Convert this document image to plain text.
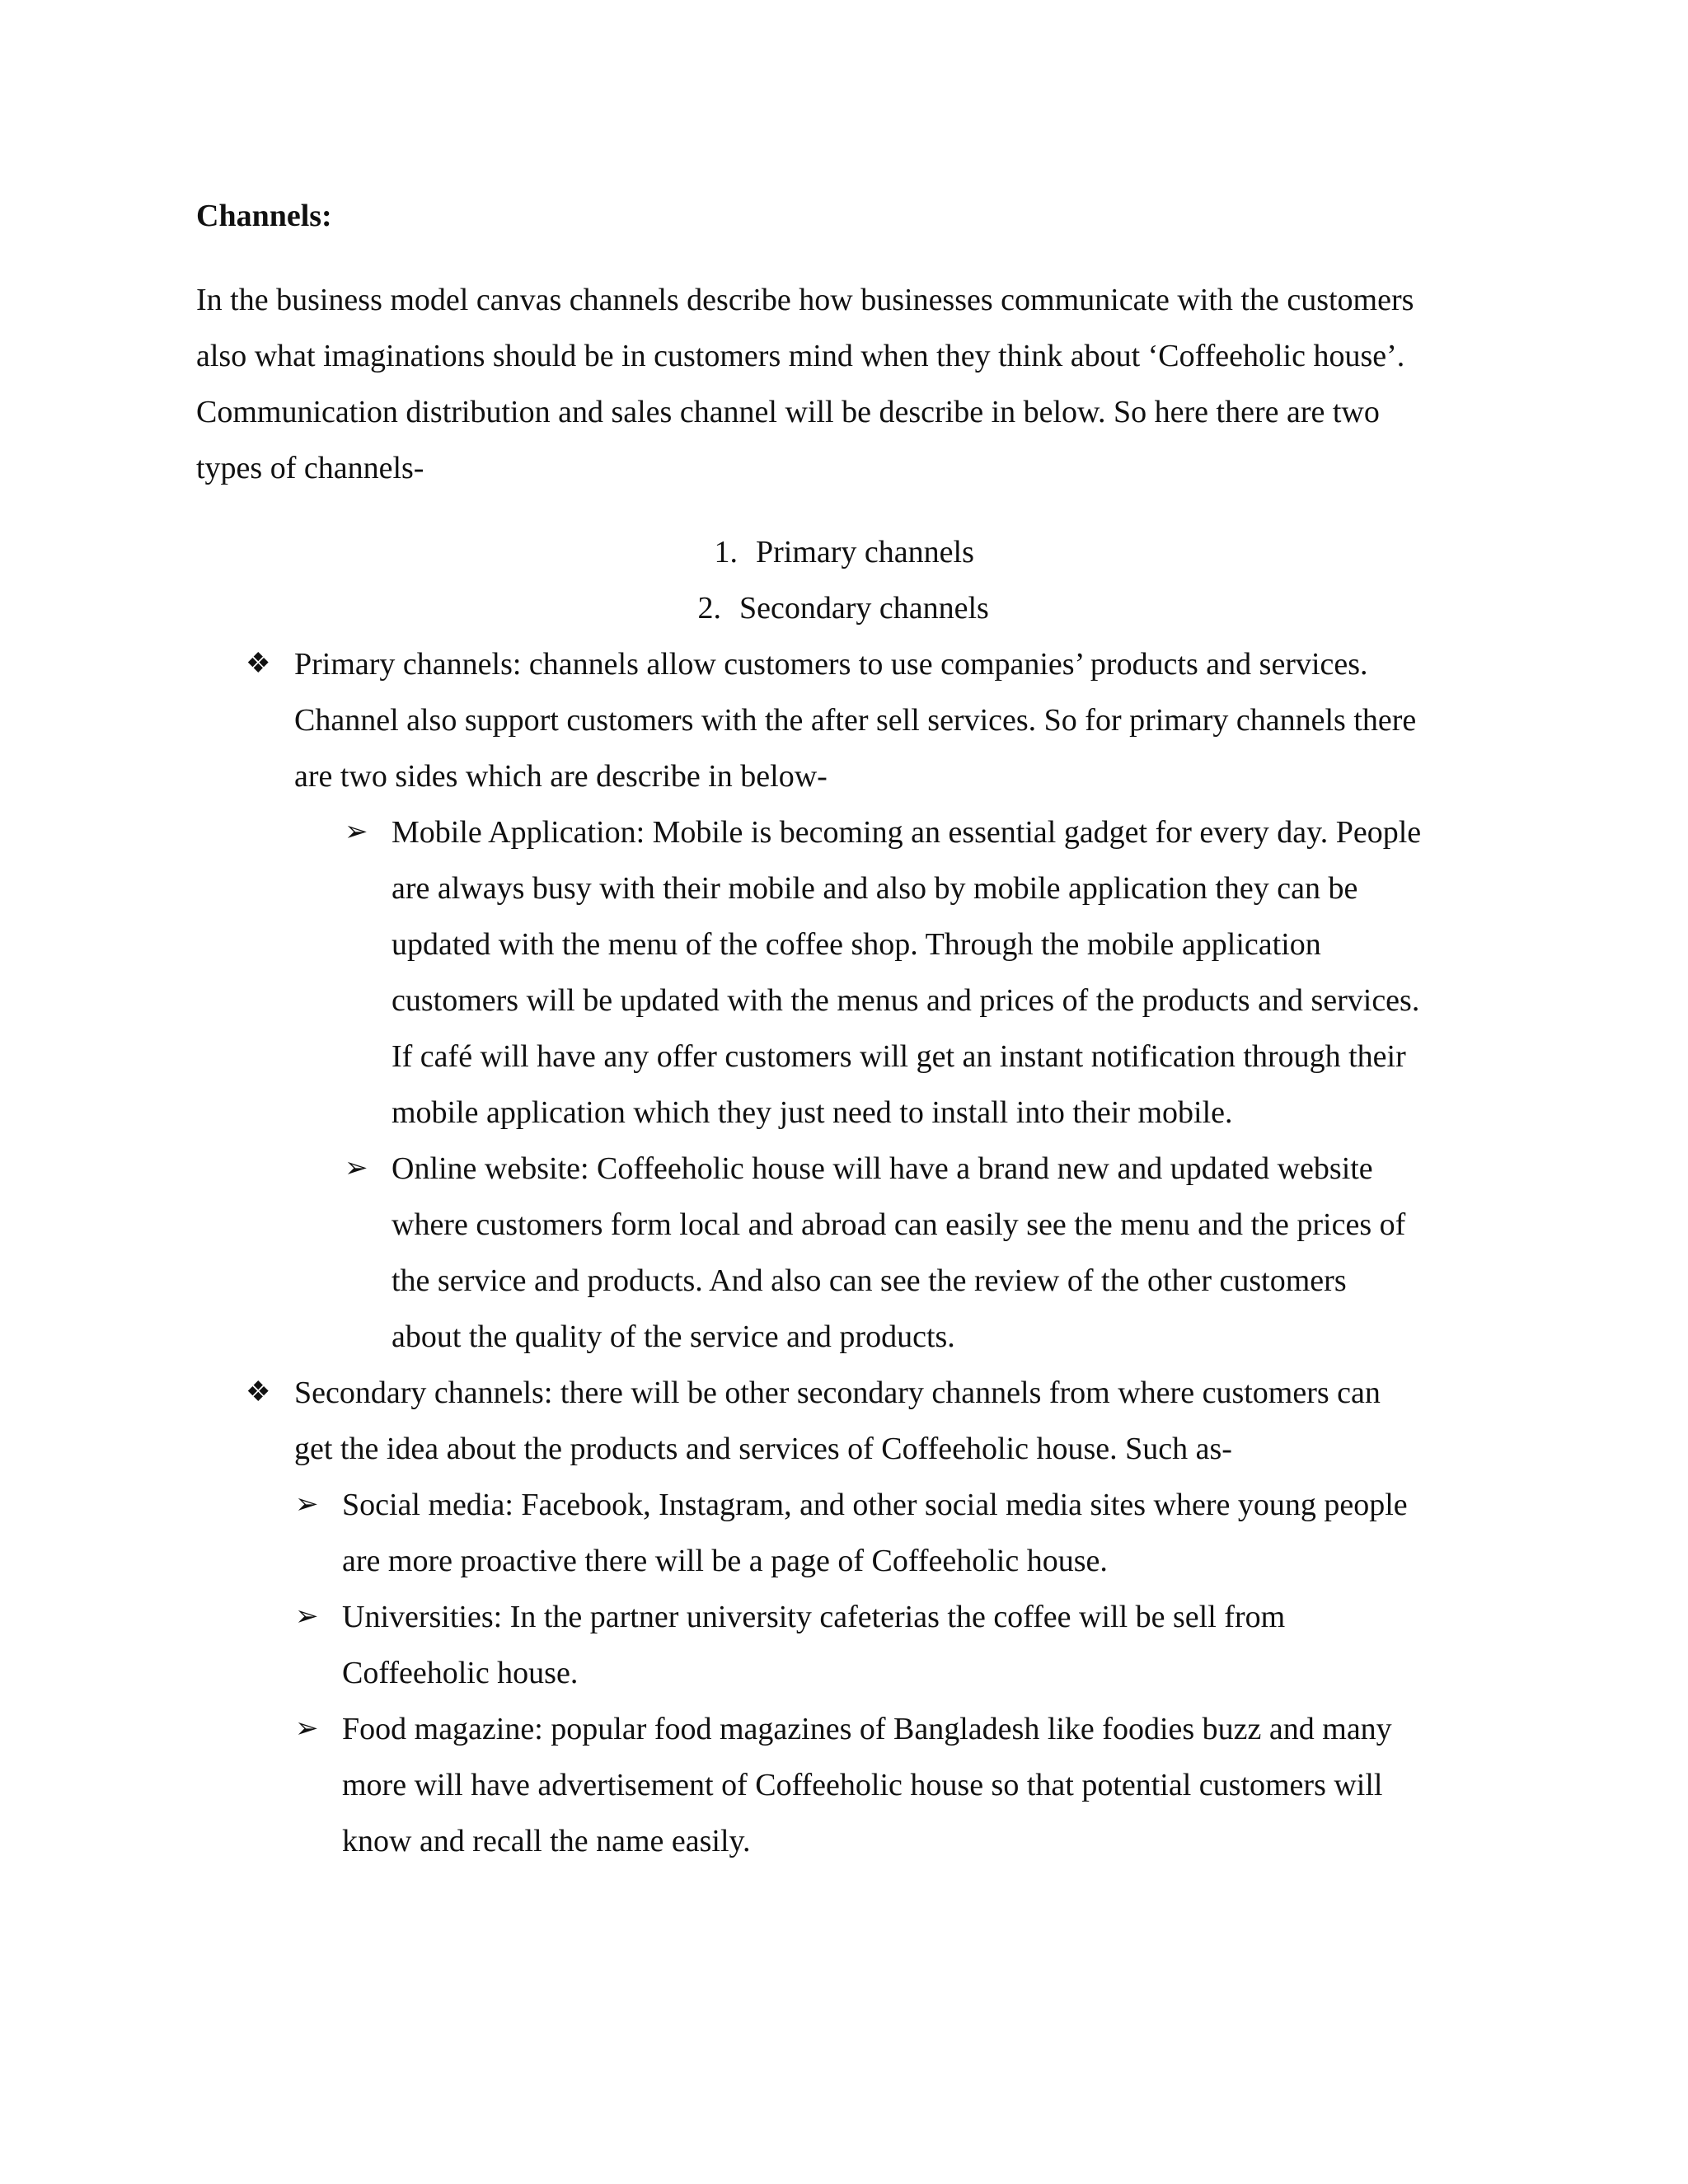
Channels:
In the business model canvas channels describe how businesses communicate with the customers
also what imaginations should be in customers mind when they think about ‘Coffeeholic house’.
Communication distribution and sales channel will be describe in below. So here there are two
types of channels-
1. Primary channels
2. Secondary channels
❖ Primary channels: channels allow customers to use companies’ products and services.
Channel also support customers with the after sell services. So for primary channels there
are two sides which are describe in below-
➢ Mobile Application: Mobile is becoming an essential gadget for every day. People
are always busy with their mobile and also by mobile application they can be
updated with the menu of the coffee shop. Through the mobile application
customers will be updated with the menus and prices of the products and services.
If café will have any offer customers will get an instant notification through their
mobile application which they just need to install into their mobile.
➢ Online website: Coffeeholic house will have a brand new and updated website
where customers form local and abroad can easily see the menu and the prices of
the service and products. And also can see the review of the other customers
about the quality of the service and products.
❖ Secondary channels: there will be other secondary channels from where customers can
get the idea about the products and services of Coffeeholic house. Such as-
➢ Social media: Facebook, Instagram, and other social media sites where young people
are more proactive there will be a page of Coffeeholic house.
➢ Universities: In the partner university cafeterias the coffee will be sell from
Coffeeholic house.
➢ Food magazine: popular food magazines of Bangladesh like foodies buzz and many
more will have advertisement of Coffeeholic house so that potential customers will
know and recall the name easily.
